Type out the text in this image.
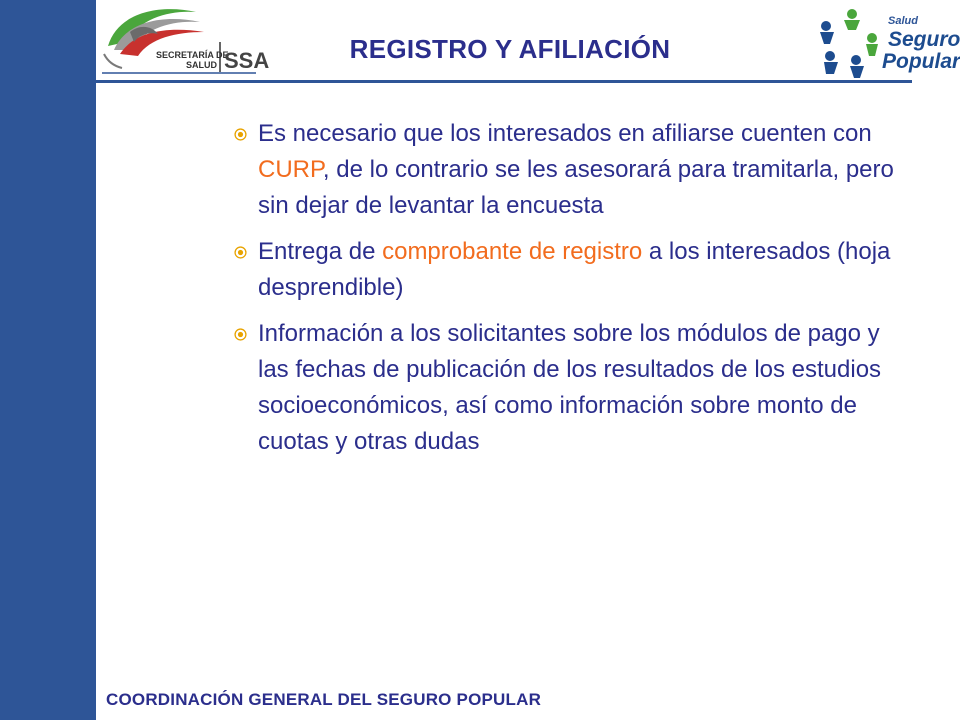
SECRETARÍA DE
SALUD SSA	REGISTRO Y AFILIACIÓN
Salud
Seguro
Popular
Es necesario que los interesados en afiliarse cuenten con CURP, de lo contrario se les asesorará para tramitarla, pero sin dejar de levantar la encuesta
Entrega de comprobante de registro a los interesados (hoja desprendible)
Información a los solicitantes sobre los módulos de pago y las fechas de publicación de los resultados de los estudios socioeconómicos, así como información sobre monto de cuotas y otras dudas
COORDINACIÓN GENERAL DEL SEGURO POPULAR
